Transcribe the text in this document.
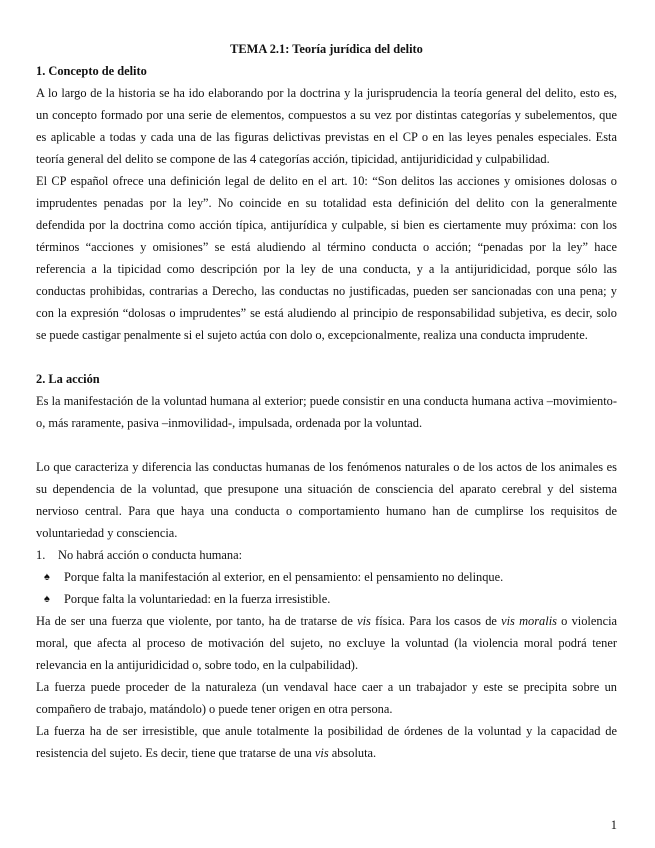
TEMA 2.1: Teoría jurídica del delito

1. Concepto de delito

A lo largo de la historia se ha ido elaborando por la doctrina y la jurisprudencia la teoría general del delito, esto es, un concepto formado por una serie de elementos, compuestos a su vez por distintas categorías y subelementos, que es aplicable a todas y cada una de las figuras delictivas previstas en el CP o en las leyes penales especiales. Esta teoría general del delito se compone de las 4 categorías acción, tipicidad, antijuridicidad y culpabilidad.

El CP español ofrece una definición legal de delito en el art. 10: “Son delitos las acciones y omisiones dolosas o imprudentes penadas por la ley”. No coincide en su totalidad esta definición del delito con la generalmente defendida por la doctrina como acción típica, antijurídica y culpable, si bien es ciertamente muy próxima: con los términos “acciones y omisiones” se está aludiendo al término conducta o acción; “penadas por la ley” hace referencia a la tipicidad como descripción por la ley de una conducta, y a la antijuridicidad, porque sólo las conductas prohibidas, contrarias a Derecho, las conductas no justificadas, pueden ser sancionadas con una pena; y con la expresión “dolosas o imprudentes” se está aludiendo al principio de responsabilidad subjetiva, es decir, solo se puede castigar penalmente si el sujeto actúa con dolo o, excepcionalmente, realiza una conducta imprudente.

2. La acción

Es la manifestación de la voluntad humana al exterior; puede consistir en una conducta humana activa –movimiento- o, más raramente, pasiva –inmovilidad-, impulsada, ordenada por la voluntad.

Lo que caracteriza y diferencia las conductas humanas de los fenómenos naturales o de los actos de los animales es su dependencia de la voluntad, que presupone una situación de consciencia del aparato cerebral y del sistema nervioso central. Para que haya una conducta o comportamiento humano han de cumplirse los requisitos de voluntariedad y consciencia.

1.	No habrá acción o conducta humana:
♠	Porque falta la manifestación al exterior, en el pensamiento: el pensamiento no delinque.
♠	Porque falta la voluntariedad: en la fuerza irresistible.

Ha de ser una fuerza que violente, por tanto, ha de tratarse de vis física. Para los casos de vis moralis o violencia moral, que afecta al proceso de motivación del sujeto, no excluye la voluntad (la violencia moral podrá tener relevancia en la antijuridicidad o, sobre todo, en la culpabilidad).

La fuerza puede proceder de la naturaleza (un vendaval hace caer a un trabajador y este se precipita sobre un compañero de trabajo, matándolo) o puede tener origen en otra persona.

La fuerza ha de ser irresistible, que anule totalmente la posibilidad de órdenes de la voluntad y la capacidad de resistencia del sujeto. Es decir, tiene que tratarse de una vis absoluta.

1
